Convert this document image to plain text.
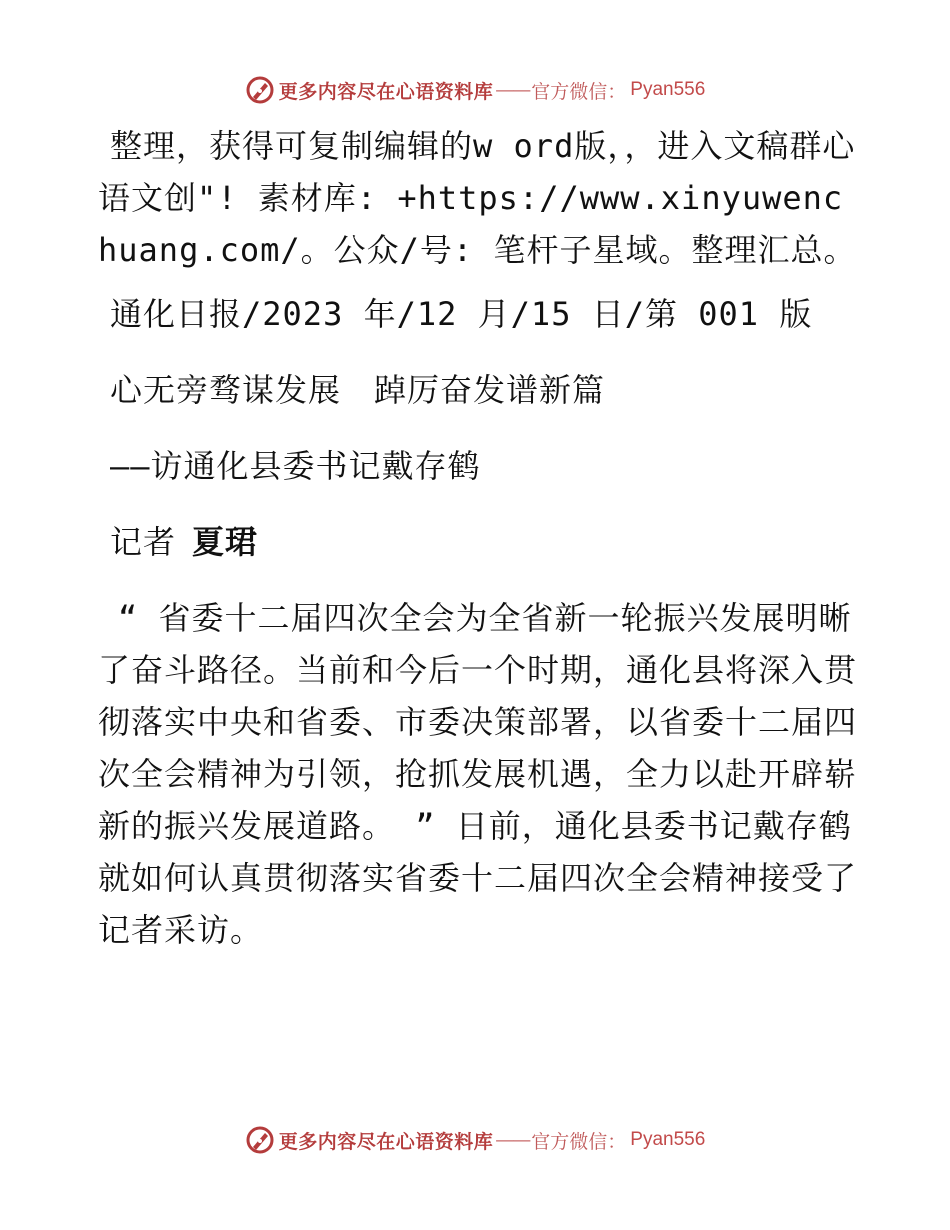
更多内容尽在心语资料库 —— 官方微信 ： Pyan556

整理，获得可复制编辑的w ord版，，进入文稿群心语文创"! 素材库: +https://www.xinyuwenchuang.com/。公众/号: 笔杆子星域。整理汇总。

通化日报/2023 年/12 月/15 日/第 001 版

心无旁骛谋发展　踔厉奋发谱新篇

——访通化县委书记戴存鹤

记者 夏珺

“ 省委十二届四次全会为全省新一轮振兴发展明晰了奋斗路径。当前和今后一个时期，通化县将深入贯彻落实中央和省委、市委决策部署，以省委十二届四次全会精神为引领，抢抓发展机遇，全力以赴开辟崭新的振兴发展道路。 ” 日前，通化县委书记戴存鹤就如何认真贯彻落实省委十二届四次全会精神接受了记者采访。

更多内容尽在心语资料库 —— 官方微信 ： Pyan556
